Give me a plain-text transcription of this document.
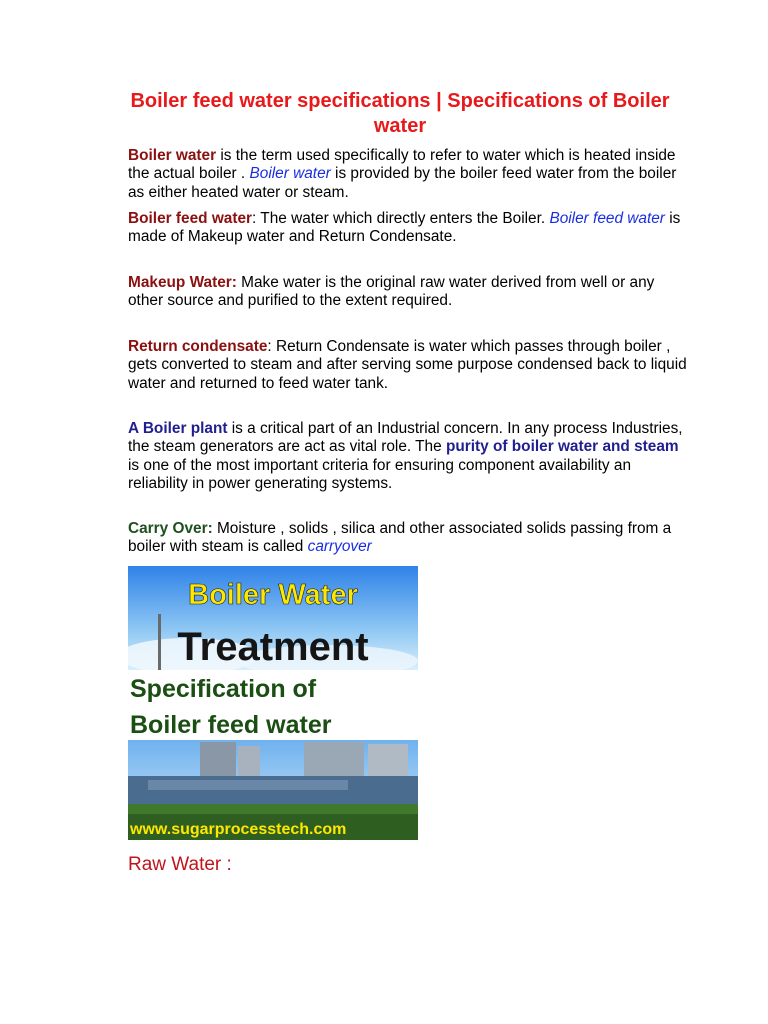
Boiler feed water specifications | Specifications of Boiler water

Boiler water is the term used specifically to refer to water which is heated inside the actual boiler . Boiler water is provided by the boiler feed water from the boiler as either heated water or steam.

Boiler feed water: The water which directly enters the Boiler. Boiler feed water is made of Makeup water and Return Condensate.

Makeup Water: Make water is the original raw water derived from well or any other source and purified to the extent required.

Return condensate: Return Condensate is water which passes through boiler , gets converted to steam and after serving some purpose condensed back to liquid water and returned to feed water tank.

A Boiler plant is a critical part of an Industrial concern. In any process Industries, the steam generators are act as vital role. The purity of boiler water and steam is one of the most important criteria for ensuring component availability an reliability in power generating systems.

Carry Over: Moisture , solids , silica and other associated solids passing from a boiler with steam is called carryover

Boiler Water
Treatment
Specification of
Boiler feed water
www.sugarprocesstech.com
Raw Water :
